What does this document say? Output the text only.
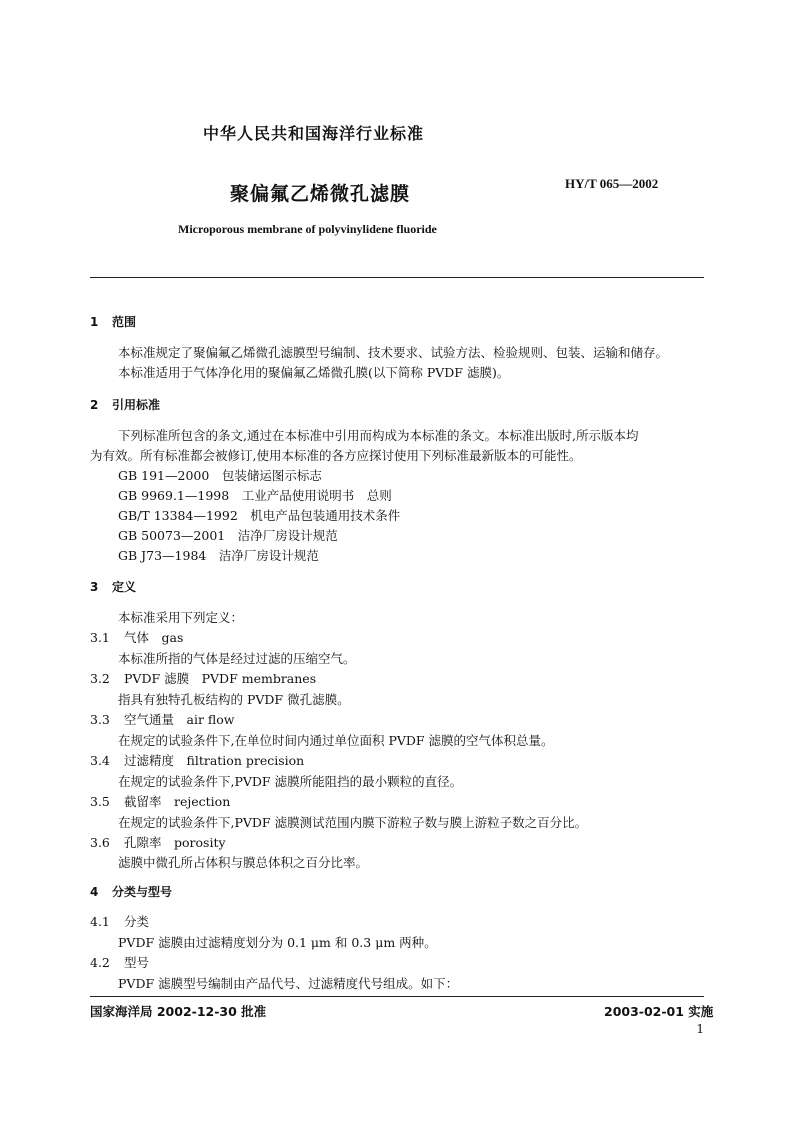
中华人民共和国海洋行业标准
聚偏氟乙烯微孔滤膜	HY/T 065—2002
Microporous membrane of polyvinylidene fluoride
1 范围
本标准规定了聚偏氟乙烯微孔滤膜型号编制、技术要求、试验方法、检验规则、包装、运输和储存。
本标准适用于气体净化用的聚偏氟乙烯微孔膜(以下简称 PVDF 滤膜)。
2 引用标准
下列标准所包含的条文,通过在本标准中引用而构成为本标准的条文。本标准出版时,所示版本均
为有效。所有标准都会被修订,使用本标准的各方应探讨使用下列标准最新版本的可能性。
GB 191—2000　包装储运图示标志
GB 9969.1—1998　工业产品使用说明书　总则
GB/T 13384—1992　机电产品包装通用技术条件
GB 50073—2001　洁净厂房设计规范
GB J73—1984　洁净厂房设计规范
3 定义
本标准采用下列定义：
3.1 气体　gas
本标准所指的气体是经过过滤的压缩空气。
3.2 PVDF 滤膜　PVDF membranes
指具有独特孔板结构的 PVDF 微孔滤膜。
3.3 空气通量　air flow
在规定的试验条件下,在单位时间内通过单位面积 PVDF 滤膜的空气体积总量。
3.4 过滤精度　filtration precision
在规定的试验条件下,PVDF 滤膜所能阻挡的最小颗粒的直径。
3.5 截留率　rejection
在规定的试验条件下,PVDF 滤膜测试范围内膜下游粒子数与膜上游粒子数之百分比。
3.6 孔隙率　porosity
滤膜中微孔所占体积与膜总体积之百分比率。
4 分类与型号
4.1 分类
PVDF 滤膜由过滤精度划分为 0.1 μm 和 0.3 μm 两种。
4.2 型号
PVDF 滤膜型号编制由产品代号、过滤精度代号组成。如下：
国家海洋局 2002-12-30 批准	2003-02-01 实施
1
